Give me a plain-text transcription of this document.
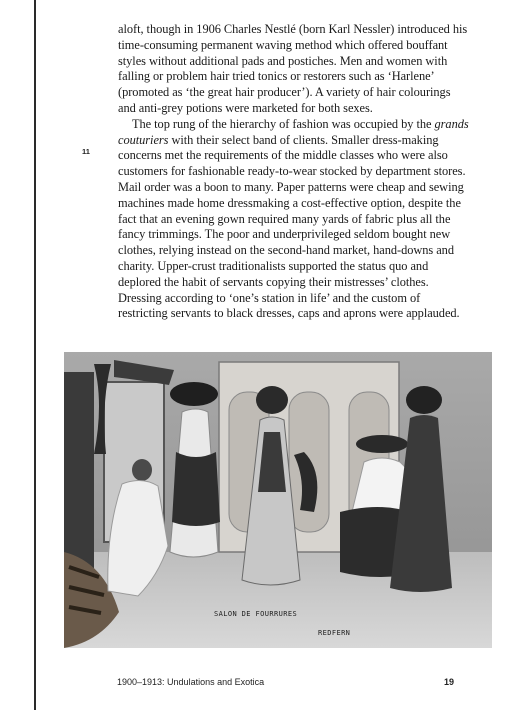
11

aloft, though in 1906 Charles Nestlé (born Karl Nessler) introduced his time-consuming permanent waving method which offered bouffant styles without additional pads and postiches. Men and women with falling or problem hair tried tonics or restorers such as ‘Harlene’ (promoted as ‘the great hair producer’). A variety of hair colourings and anti-grey potions were marketed for both sexes.

The top rung of the hierarchy of fashion was occupied by the grands couturiers with their select band of clients. Smaller dress-making concerns met the requirements of the middle classes who were also customers for fashionable ready-to-wear stocked by department stores. Mail order was a boon to many. Paper patterns were cheap and sewing machines made home dressmaking a cost-effective option, despite the fact that an evening gown required many yards of fabric plus all the fancy trimmings. The poor and underprivileged seldom bought new clothes, relying instead on the second-hand market, hand-downs and charity. Upper-crust traditionalists supported the status quo and deplored the habit of servants copying their mistresses’ clothes. Dressing according to ‘one’s station in life’ and the custom of restricting servants to black dresses, caps and aprons were applauded.

SALON DE FOURRURES
REDFERN
1900–1913: Undulations and Exotica	19
